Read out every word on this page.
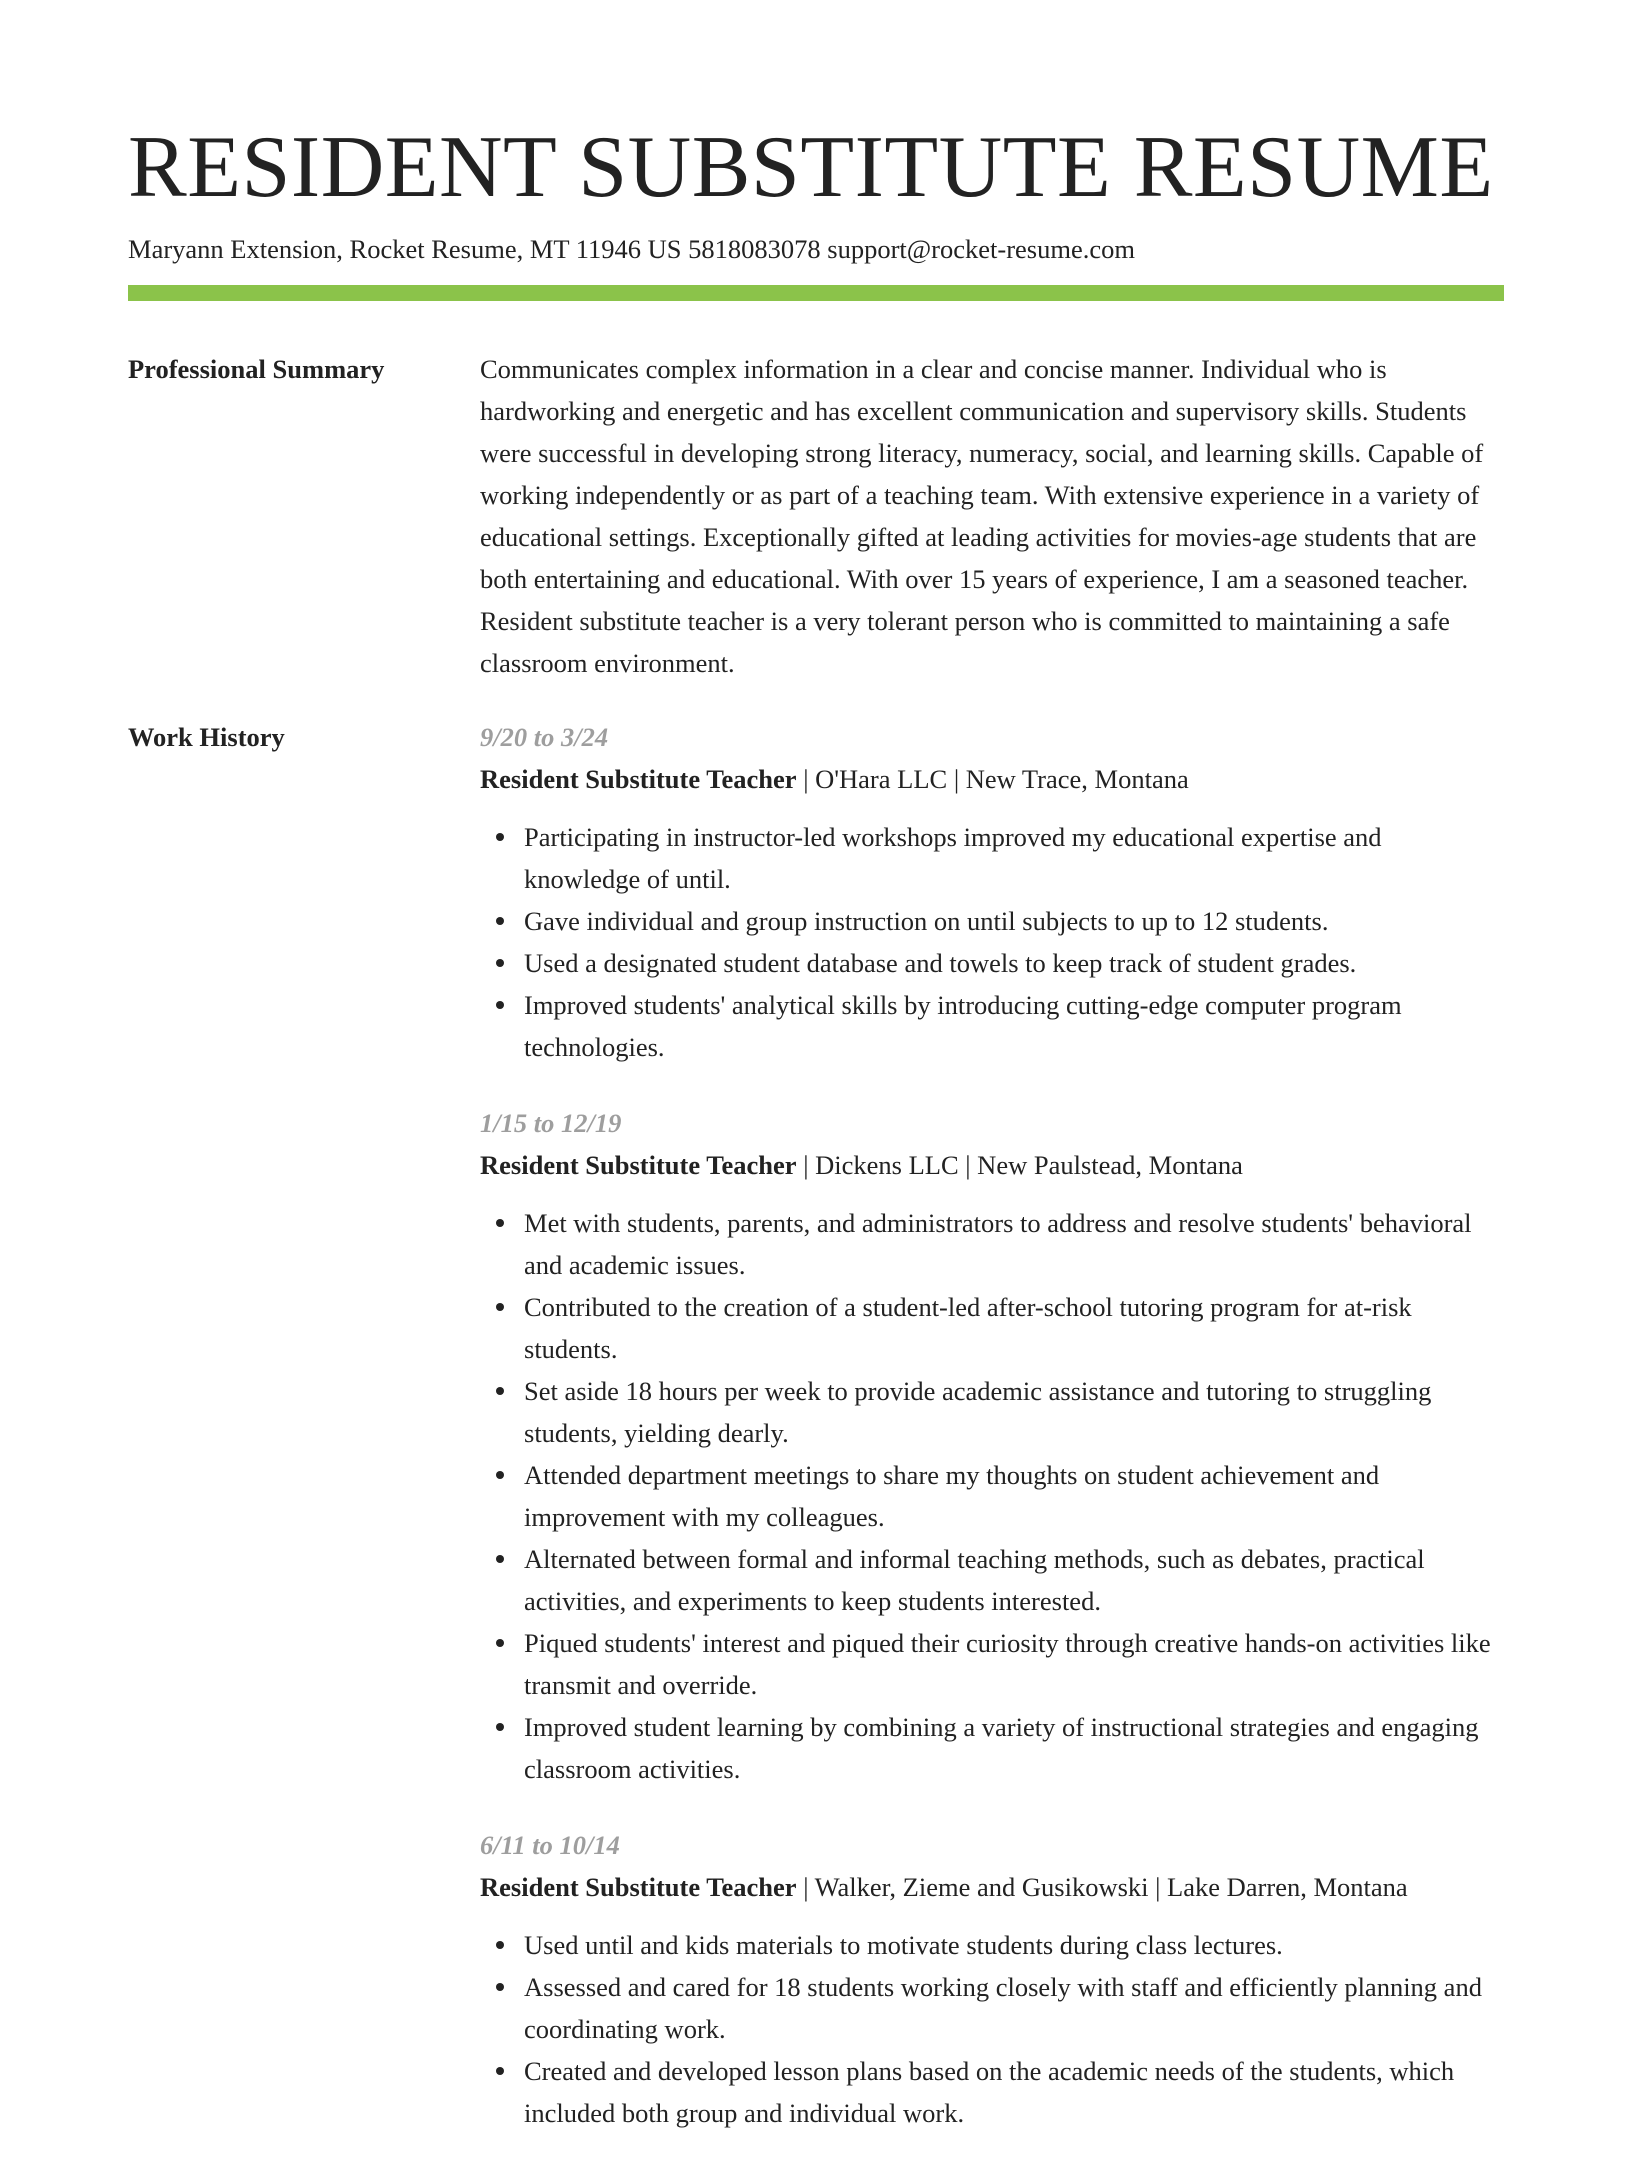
RESIDENT SUBSTITUTE RESUME
Maryann Extension, Rocket Resume, MT 11946 US 5818083078 support@rocket-resume.com
Professional Summary	Communicates complex information in a clear and concise manner. Individual who is hardworking and energetic and has excellent communication and supervisory skills. Students were successful in developing strong literacy, numeracy, social, and learning skills. Capable of working independently or as part of a teaching team. With extensive experience in a variety of educational settings. Exceptionally gifted at leading activities for movies-age students that are both entertaining and educational. With over 15 years of experience, I am a seasoned teacher. Resident substitute teacher is a very tolerant person who is committed to maintaining a safe classroom environment.

Work History	9/20 to 3/24
Resident Substitute Teacher | O'Hara LLC | New Trace, Montana
Participating in instructor-led workshops improved my educational expertise and knowledge of until.
Gave individual and group instruction on until subjects to up to 12 students.
Used a designated student database and towels to keep track of student grades.
Improved students' analytical skills by introducing cutting-edge computer program technologies.
1/15 to 12/19
Resident Substitute Teacher | Dickens LLC | New Paulstead, Montana
Met with students, parents, and administrators to address and resolve students' behavioral and academic issues.
Contributed to the creation of a student-led after-school tutoring program for at-risk students.
Set aside 18 hours per week to provide academic assistance and tutoring to struggling students, yielding dearly.
Attended department meetings to share my thoughts on student achievement and improvement with my colleagues.
Alternated between formal and informal teaching methods, such as debates, practical activities, and experiments to keep students interested.
Piqued students' interest and piqued their curiosity through creative hands-on activities like transmit and override.
Improved student learning by combining a variety of instructional strategies and engaging classroom activities.
6/11 to 10/14
Resident Substitute Teacher | Walker, Zieme and Gusikowski | Lake Darren, Montana
Used until and kids materials to motivate students during class lectures.
Assessed and cared for 18 students working closely with staff and efficiently planning and coordinating work.
Created and developed lesson plans based on the academic needs of the students, which included both group and individual work.
